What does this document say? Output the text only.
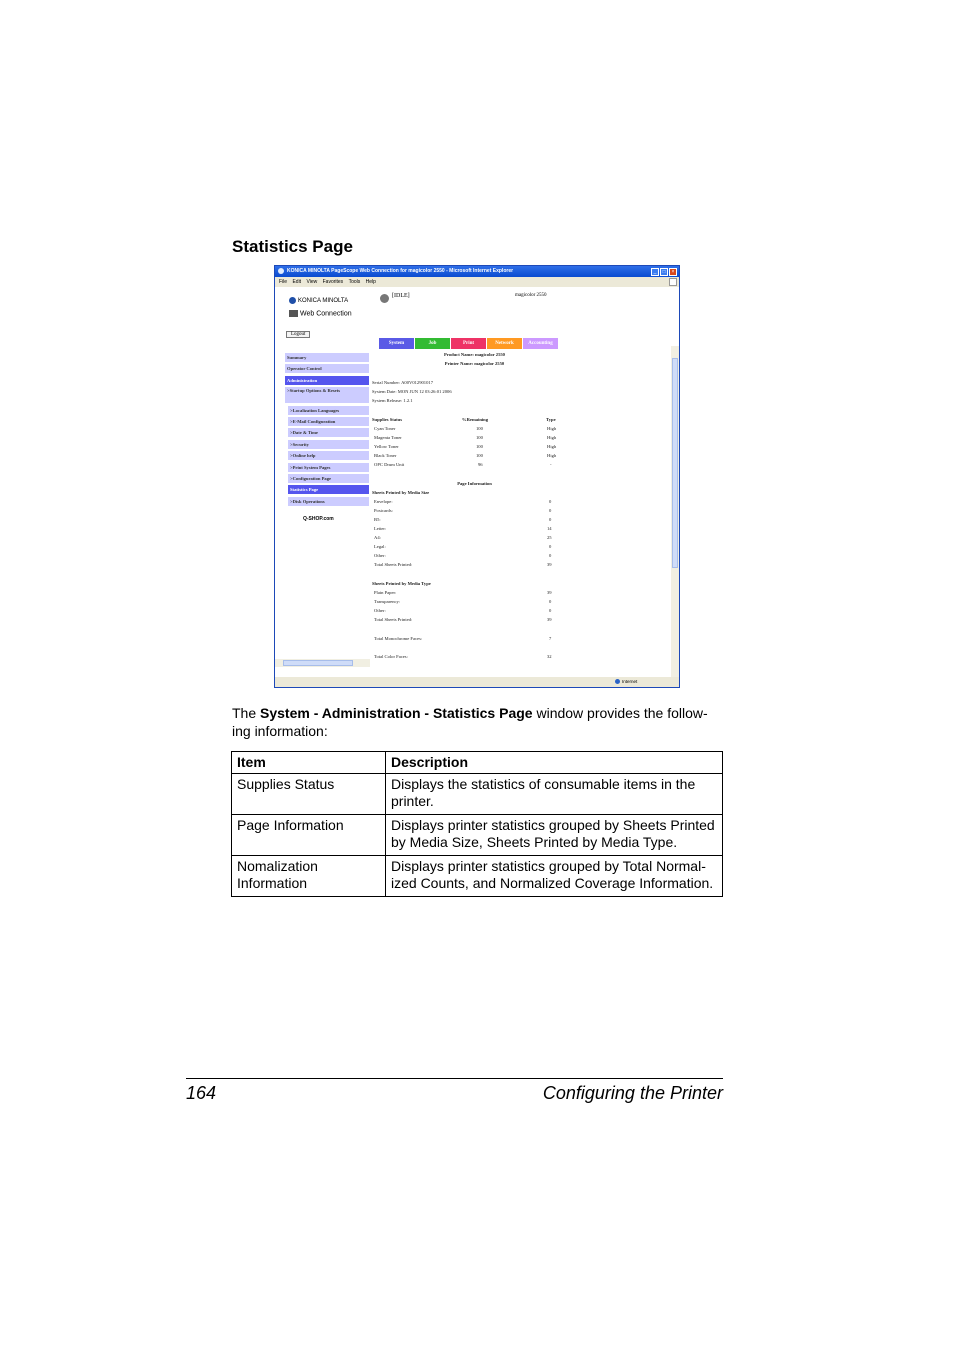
Statistics Page
KONICA MINOLTA PageScope Web Connection for magicolor 2550 - Microsoft Internet Explorer	_ □ ×
File Edit View Favorites Tools Help
KONICA MINOLTA
Web Connection
Logout
[IDLE]	magicolor 2550
System	Job	Print	Network	Accounting
Summary
Operator Control
Administration
>Startup Options & Resets
>Localization Languages
>E-Mail Configuration
>Date & Time
>Security
>Online help
>Print System Pages
>Configuration Page
Statistics Page
>Disk Operations
Q-SHOP.com
Product Name: magicolor 2550
Printer Name: magicolor 2550
Serial Number: A00V012901017
System Date: MON JUN 12 03:26:01 2006
System Release: 1.2.1
Supplies Status	%Remaining	Type
Cyan Toner	100	High
Magenta Toner	100	High
Yellow Toner	100	High
Black Toner	100	High
OPC Drum Unit	96	-
Page Information
Sheets Printed by Media Size
Envelope:	0
Postcards:	0
B5:	0
Letter:	14
A4:	25
Legal:	0
Other:	0
Total Sheets Printed:	39
Sheets Printed by Media Type
Plain Paper:	39
Transparency:	0
Other:	0
Total Sheets Printed:	39
Total Monochrome Faces:	7
Total Color Faces:	32
Internet
The System - Administration - Statistics Page window provides the follow-ing information:
Item	Description
Supplies Status	Displays the statistics of consumable items in the printer.
Page Information	Displays printer statistics grouped by Sheets Printed by Media Size, Sheets Printed by Media Type.
Nomalization Information	Displays printer statistics grouped by Total Normal-ized Counts, and Normalized Coverage Information.
164	Configuring the Printer
